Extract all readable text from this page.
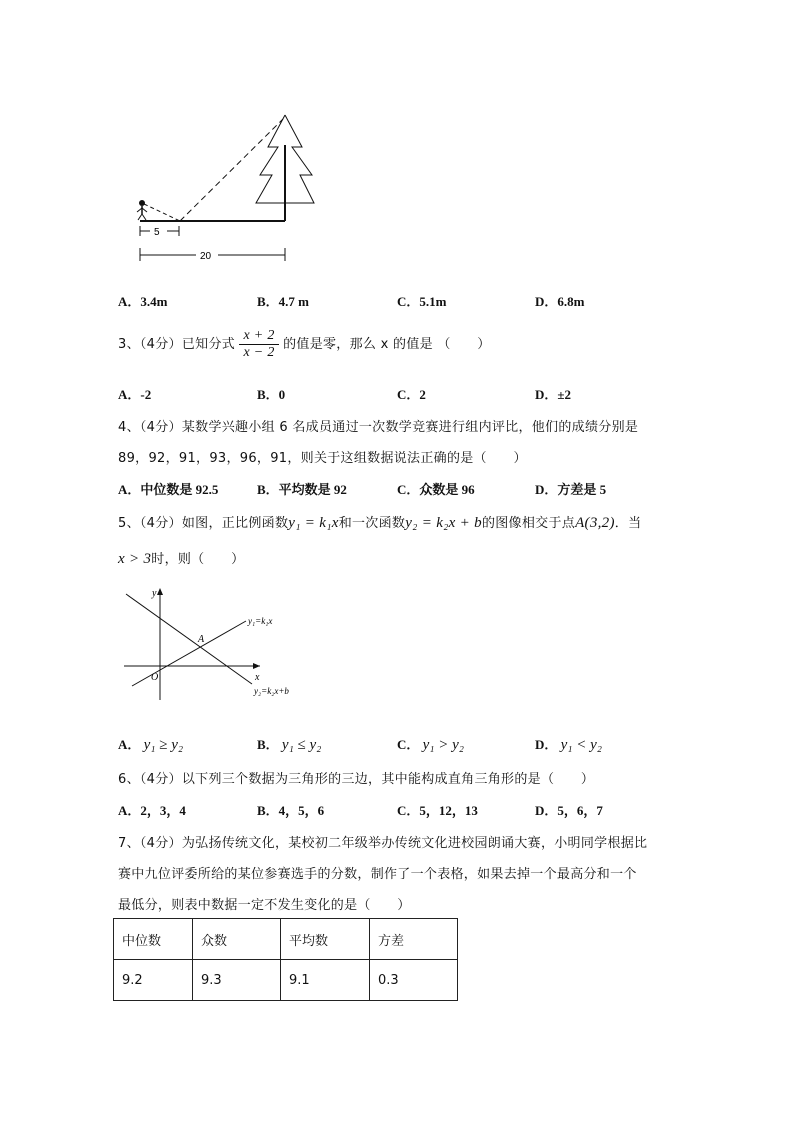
5
20
A．3.4m	B．4.7 m	C．5.1m	D．6.8m
3、（4分）已知分式 $\frac{x + 2}{x - 2}$ 的值是零，那么 x 的值是 （　　）
A．-2	B．0	C．2	D．±2
4、（4分）某数学兴趣小组 6 名成员通过一次数学竞赛进行组内评比，他们的成绩分别是
89，92，91，93，96，91，则关于这组数据说法正确的是（　　）
A．中位数是 92.5	B．平均数是 92	C．众数是 96	D．方差是 5
5、（4分）如图，正比例函数y₁ = k₁x和一次函数y₂ = k₂x + b的图像相交于点A(3,2)．当
x > 3时，则（　　）
y
x
O
A
y₁=k₁x
y₂=k₂x+b
A． y₁ ≥ y₂	B． y₁ ≤ y₂	C． y₁ > y₂	D． y₁ < y₂
6、（4分）以下列三个数据为三角形的三边，其中能构成直角三角形的是（　　）
A．2，3，4	B．4，5，6	C．5，12，13	D．5，6，7
7、（4分）为弘扬传统文化，某校初二年级举办传统文化进校园朗诵大赛，小明同学根据比
赛中九位评委所给的某位参赛选手的分数，制作了一个表格，如果去掉一个最高分和一个
最低分，则表中数据一定不发生变化的是（　　）
中位数	众数	平均数	方差
9.2	9.3	9.1	0.3
